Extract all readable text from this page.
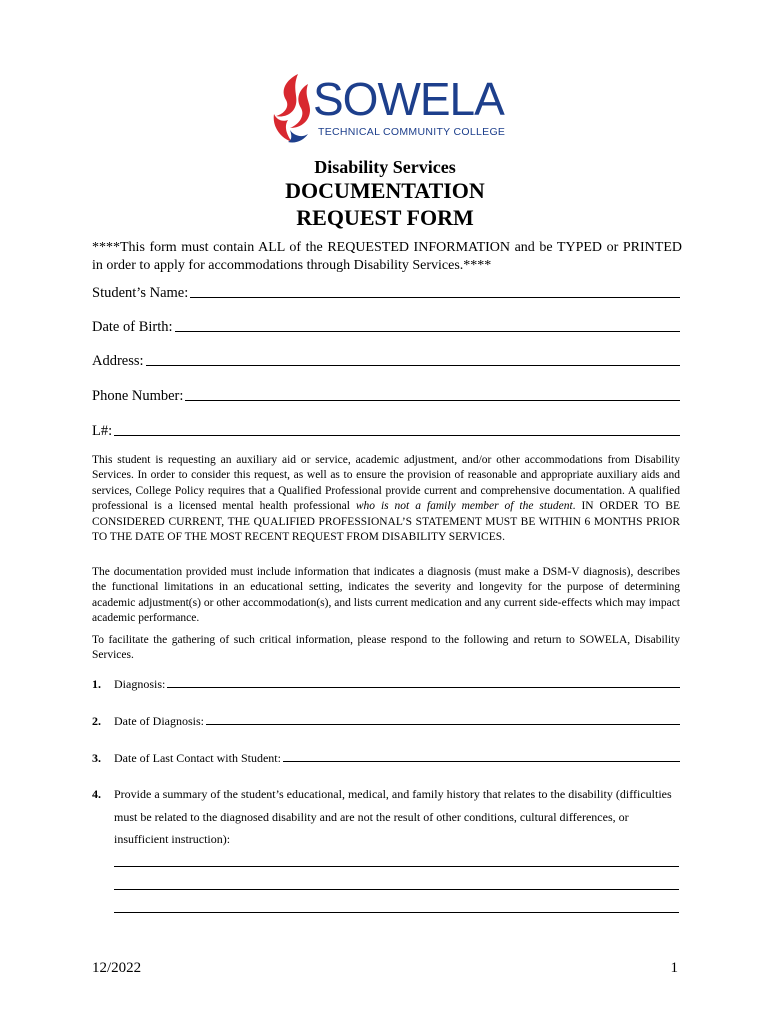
SOWELA
TECHNICAL COMMUNITY COLLEGE
Disability Services
DOCUMENTATION
REQUEST FORM
****This form must contain ALL of the REQUESTED INFORMATION and be TYPED or PRINTED in order to apply for accommodations through Disability Services.****
Student’s Name:
Date of Birth:
Address:
Phone Number:
L#:
This student is requesting an auxiliary aid or service, academic adjustment, and/or other accommodations from Disability Services. In order to consider this request, as well as to ensure the provision of reasonable and appropriate auxiliary aids and services, College Policy requires that a Qualified Professional provide current and comprehensive documentation. A qualified professional is a licensed mental health professional who is not a family member of the student. IN ORDER TO BE CONSIDERED CURRENT, THE QUALIFIED PROFESSIONAL’S STATEMENT MUST BE WITHIN 6 MONTHS PRIOR TO THE DATE OF THE MOST RECENT REQUEST FROM DISABILITY SERVICES.
The documentation provided must include information that indicates a diagnosis (must make a DSM-V diagnosis), describes the functional limitations in an educational setting, indicates the severity and longevity for the purpose of determining academic adjustment(s) or other accommodation(s), and lists current medication and any current side-effects which may impact academic performance.
To facilitate the gathering of such critical information, please respond to the following and return to SOWELA, Disability Services.
1.	Diagnosis:
2.	Date of Diagnosis:
3.	Date of Last Contact with Student:
4. Provide a summary of the student’s educational, medical, and family history that relates to the disability (difficulties must be related to the diagnosed disability and are not the result of other conditions, cultural differences, or insufficient instruction):
12/2022	1
